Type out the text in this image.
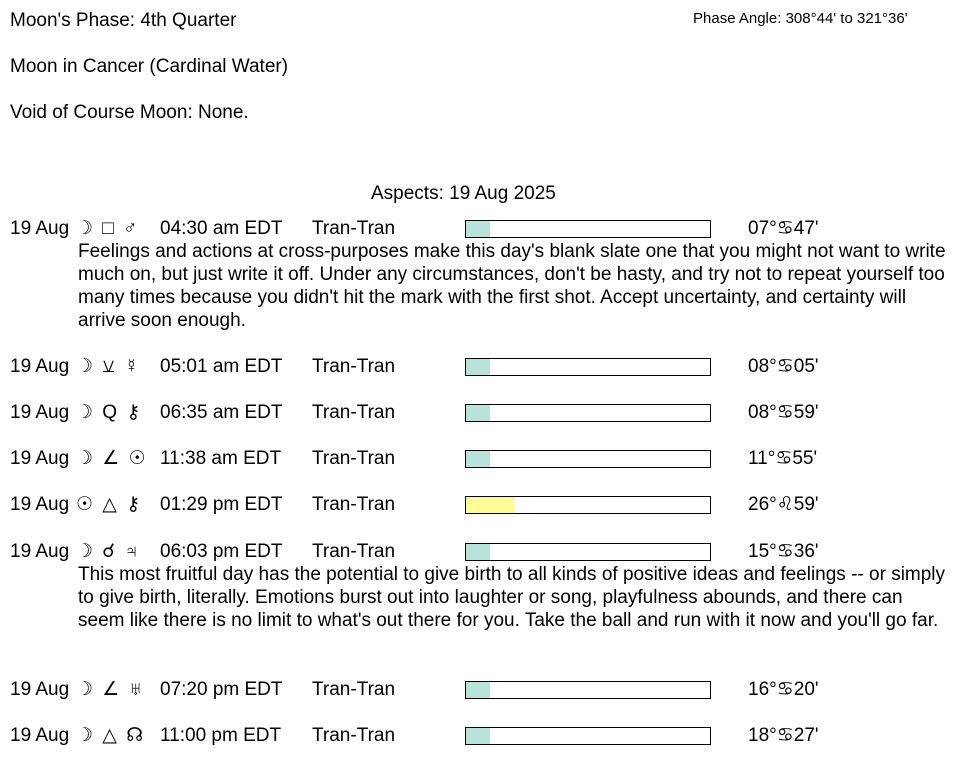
Moon's Phase: 4th Quarter	Phase Angle: 308°44' to 321°36'
Moon in Cancer (Cardinal Water)
Void of Course Moon: None.
Aspects: 19 Aug 2025
19 Aug ☽ □ ♂ 04:30 am EDT Tran-Tran	07°♋47'
Feelings and actions at cross-purposes make this day's blank slate one that you might not want to write much on, but just write it off. Under any circumstances, don't be hasty, and try not to repeat yourself too many times because you didn't hit the mark with the first shot. Accept uncertainty, and certainty will arrive soon enough.
19 Aug ☽ ⚺ ☿ 05:01 am EDT Tran-Tran	08°♋05'
19 Aug ☽ Q ⚷ 06:35 am EDT Tran-Tran	08°♋59'
19 Aug ☽ ∠ ☉ 11:38 am EDT Tran-Tran	11°♋55'
19 Aug ☉ △ ⚷ 01:29 pm EDT Tran-Tran	26°♌59'
19 Aug ☽ ☌ ♃ 06:03 pm EDT Tran-Tran	15°♋36'
This most fruitful day has the potential to give birth to all kinds of positive ideas and feelings -- or simply to give birth, literally. Emotions burst out into laughter or song, playfulness abounds, and there can seem like there is no limit to what's out there for you. Take the ball and run with it now and you'll go far.
19 Aug ☽ ∠ ♅ 07:20 pm EDT Tran-Tran	16°♋20'
19 Aug ☽ △ ☊ 11:00 pm EDT Tran-Tran	18°♋27'
